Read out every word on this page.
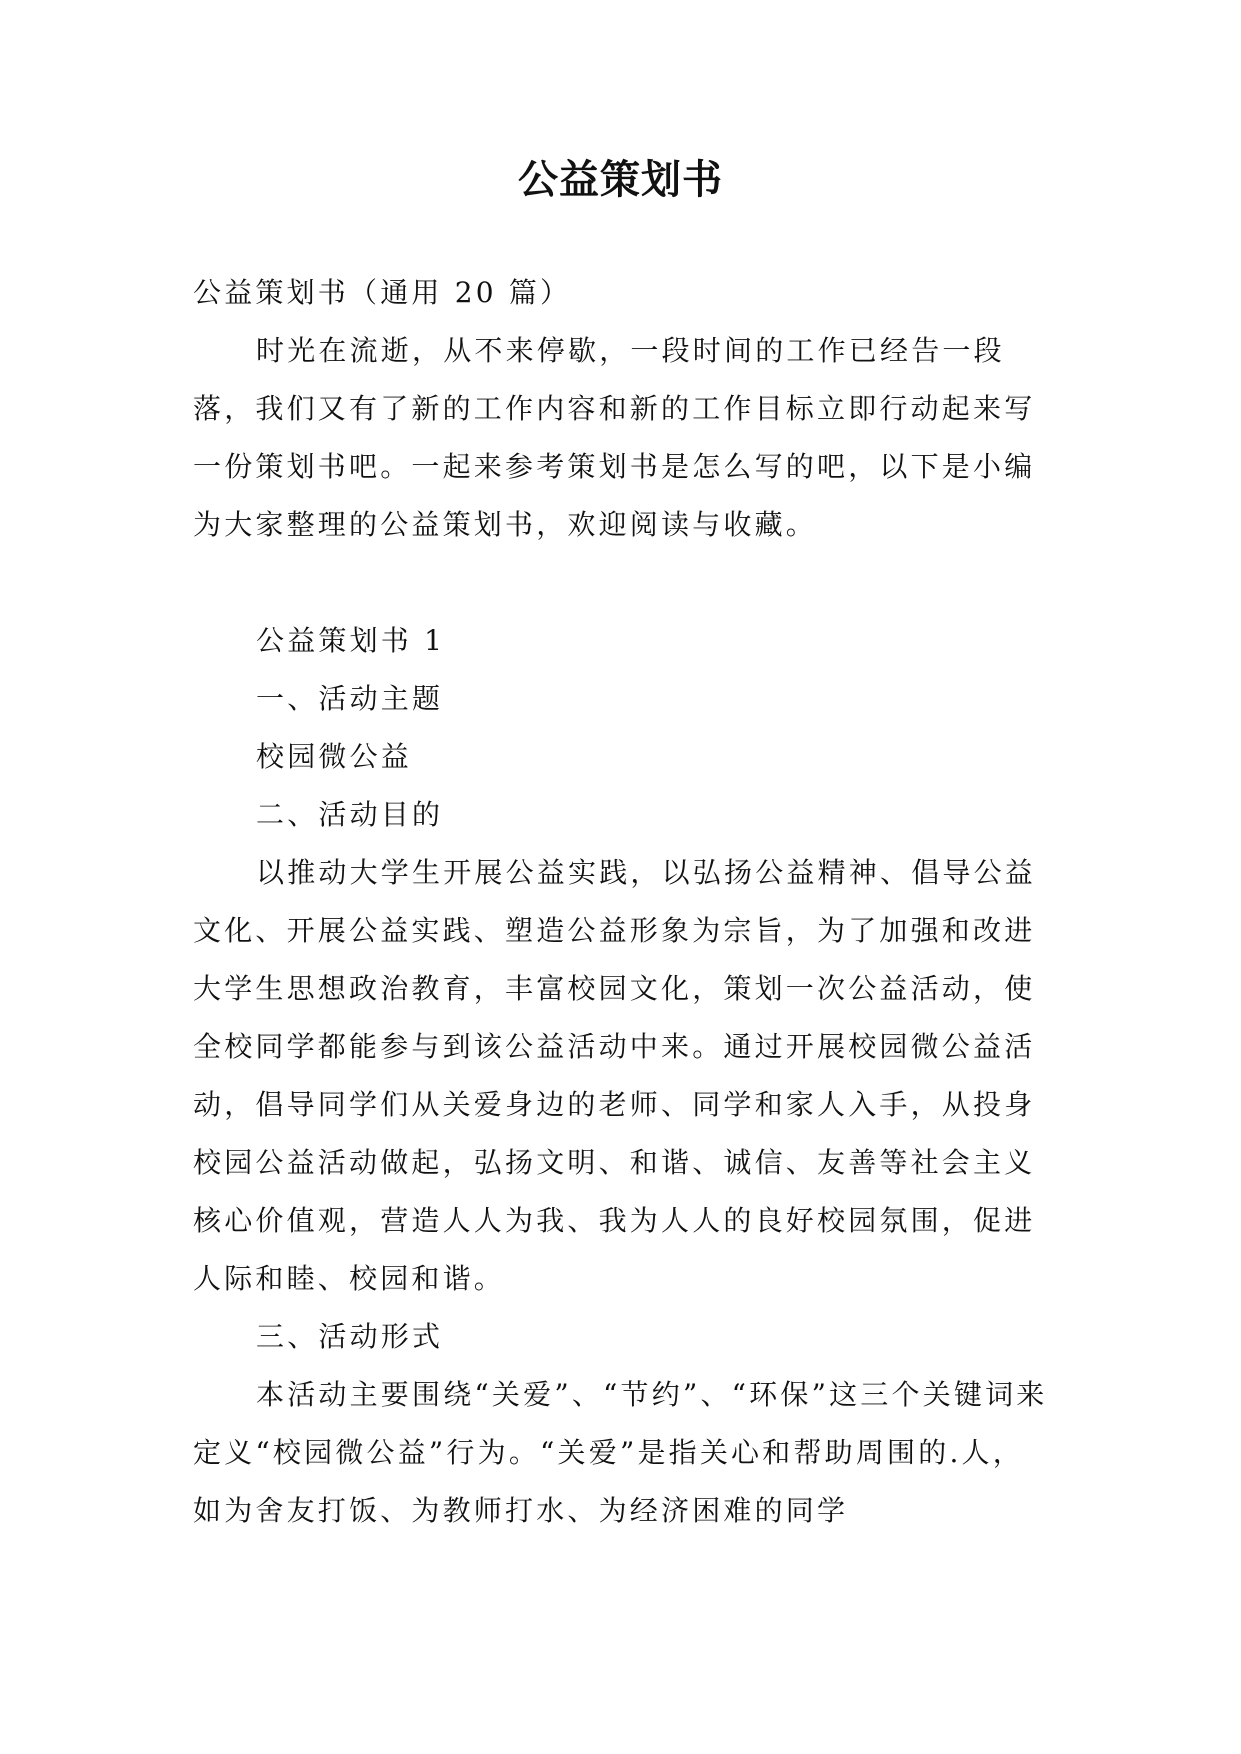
公益策划书

公益策划书（通用 20 篇）

时光在流逝，从不来停歇，一段时间的工作已经告一段落，我们又有了新的工作内容和新的工作目标立即行动起来写一份策划书吧。一起来参考策划书是怎么写的吧，以下是小编为大家整理的公益策划书，欢迎阅读与收藏。

公益策划书 1

一、活动主题

校园微公益

二、活动目的

以推动大学生开展公益实践，以弘扬公益精神、倡导公益文化、开展公益实践、塑造公益形象为宗旨，为了加强和改进大学生思想政治教育，丰富校园文化，策划一次公益活动，使全校同学都能参与到该公益活动中来。通过开展校园微公益活动，倡导同学们从关爱身边的老师、同学和家人入手，从投身校园公益活动做起，弘扬文明、和谐、诚信、友善等社会主义核心价值观，营造人人为我、我为人人的良好校园氛围，促进人际和睦、校园和谐。

三、活动形式

本活动主要围绕“关爱”、“节约”、“环保”这三个关键词来定义“校园微公益”行为。“关爱”是指关心和帮助周围的.人，如为舍友打饭、为教师打水、为经济困难的同学
